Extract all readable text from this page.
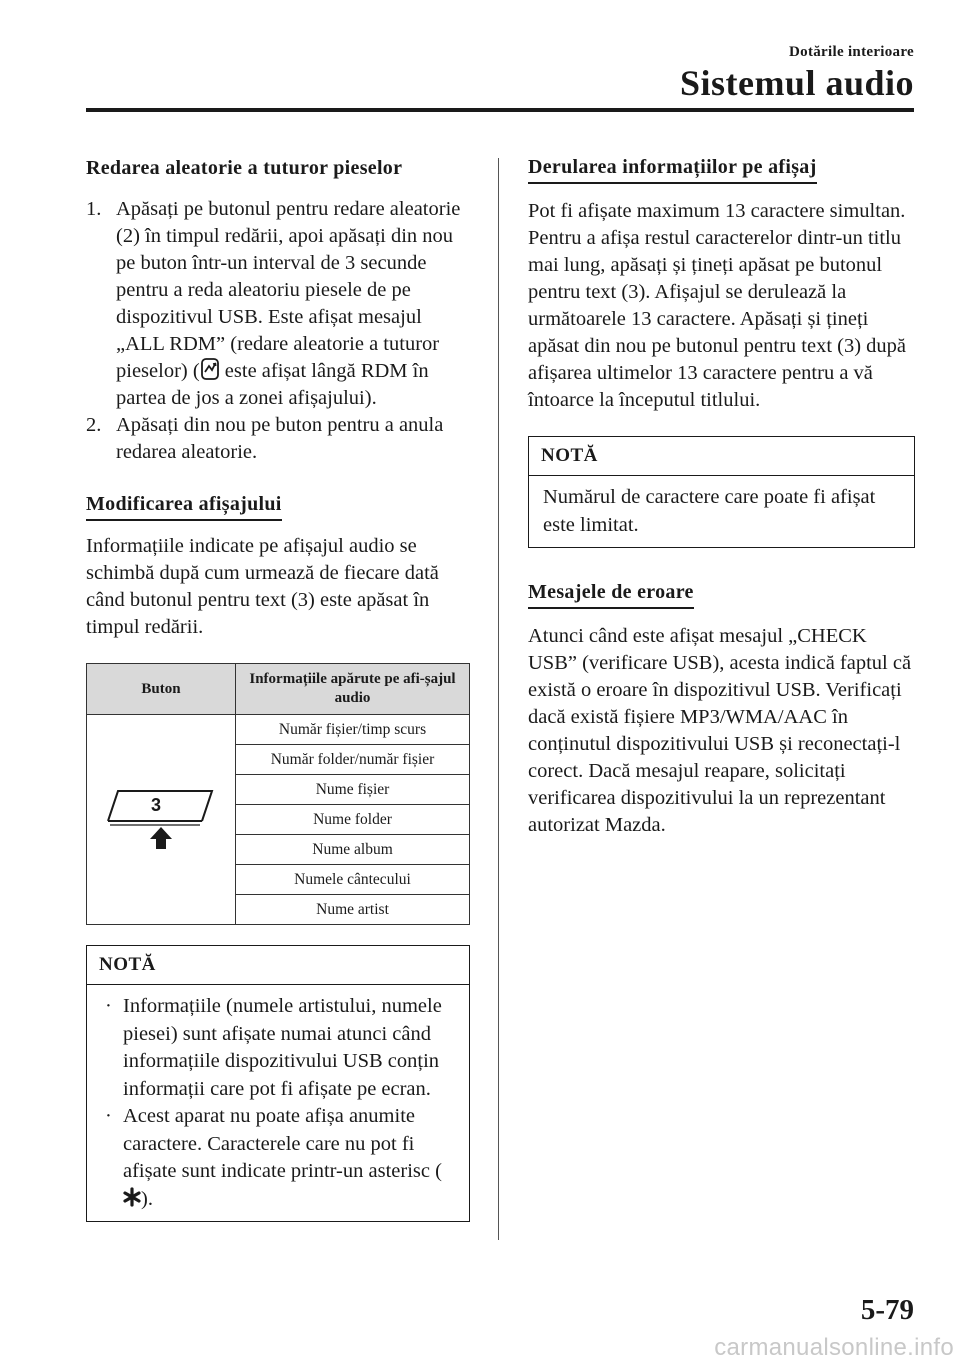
Dotările interioare
Sistemul audio
Redarea aleatorie a tuturor pieselor
1. Apăsați pe butonul pentru redare aleatorie (2) în timpul redării, apoi apăsați din nou pe buton într-un interval de 3 secunde pentru a reda aleatoriu piesele de pe dispozitivul USB. Este afișat mesajul „ALL RDM” (redare aleatorie a tuturor pieselor) ( este afișat lângă RDM în partea de jos a zonei afișajului).
2. Apăsați din nou pe buton pentru a anula redarea aleatorie.
Modificarea afișajului

Informațiile indicate pe afișajul audio se schimbă după cum urmează de fiecare dată când butonul pentru text (3) este apăsat în timpul redării.

Buton	Informațiile apărute pe afi-șajul audio

3	Număr fișier/timp scurs
	Număr folder/număr fișier
	Nume fișier
	Nume folder
	Nume album
	Numele cântecului
	Nume artist
NOTĂ
· Informațiile (numele artistului, numele piesei) sunt afișate numai atunci când informațiile dispozitivului USB conțin informații care pot fi afișate pe ecran.
· Acest aparat nu poate afișa anumite caractere. Caracterele care nu pot fi afișate sunt indicate printr-un asterisc ().
Derularea informațiilor pe afișaj

Pot fi afișate maximum 13 caractere simultan. Pentru a afișa restul caracterelor dintr-un titlu mai lung, apăsați și țineți apăsat pe butonul pentru text (3). Afișajul se derulează la următoarele 13 caractere. Apăsați și țineți apăsat din nou pe butonul pentru text (3) după afișarea ultimelor 13 caractere pentru a vă întoarce la începutul titlului.

NOTĂ

Numărul de caractere care poate fi afișat este limitat.

Mesajele de eroare

Atunci când este afișat mesajul „CHECK USB” (verificare USB), acesta indică faptul că există o eroare în dispozitivul USB. Verificați dacă există fișiere MP3/WMA/AAC în conținutul dispozitivului USB și reconectați-l corect. Dacă mesajul reapare, solicitați verificarea dispozitivului la un reprezentant autorizat Mazda.

5-79
carmanualsonline.info
